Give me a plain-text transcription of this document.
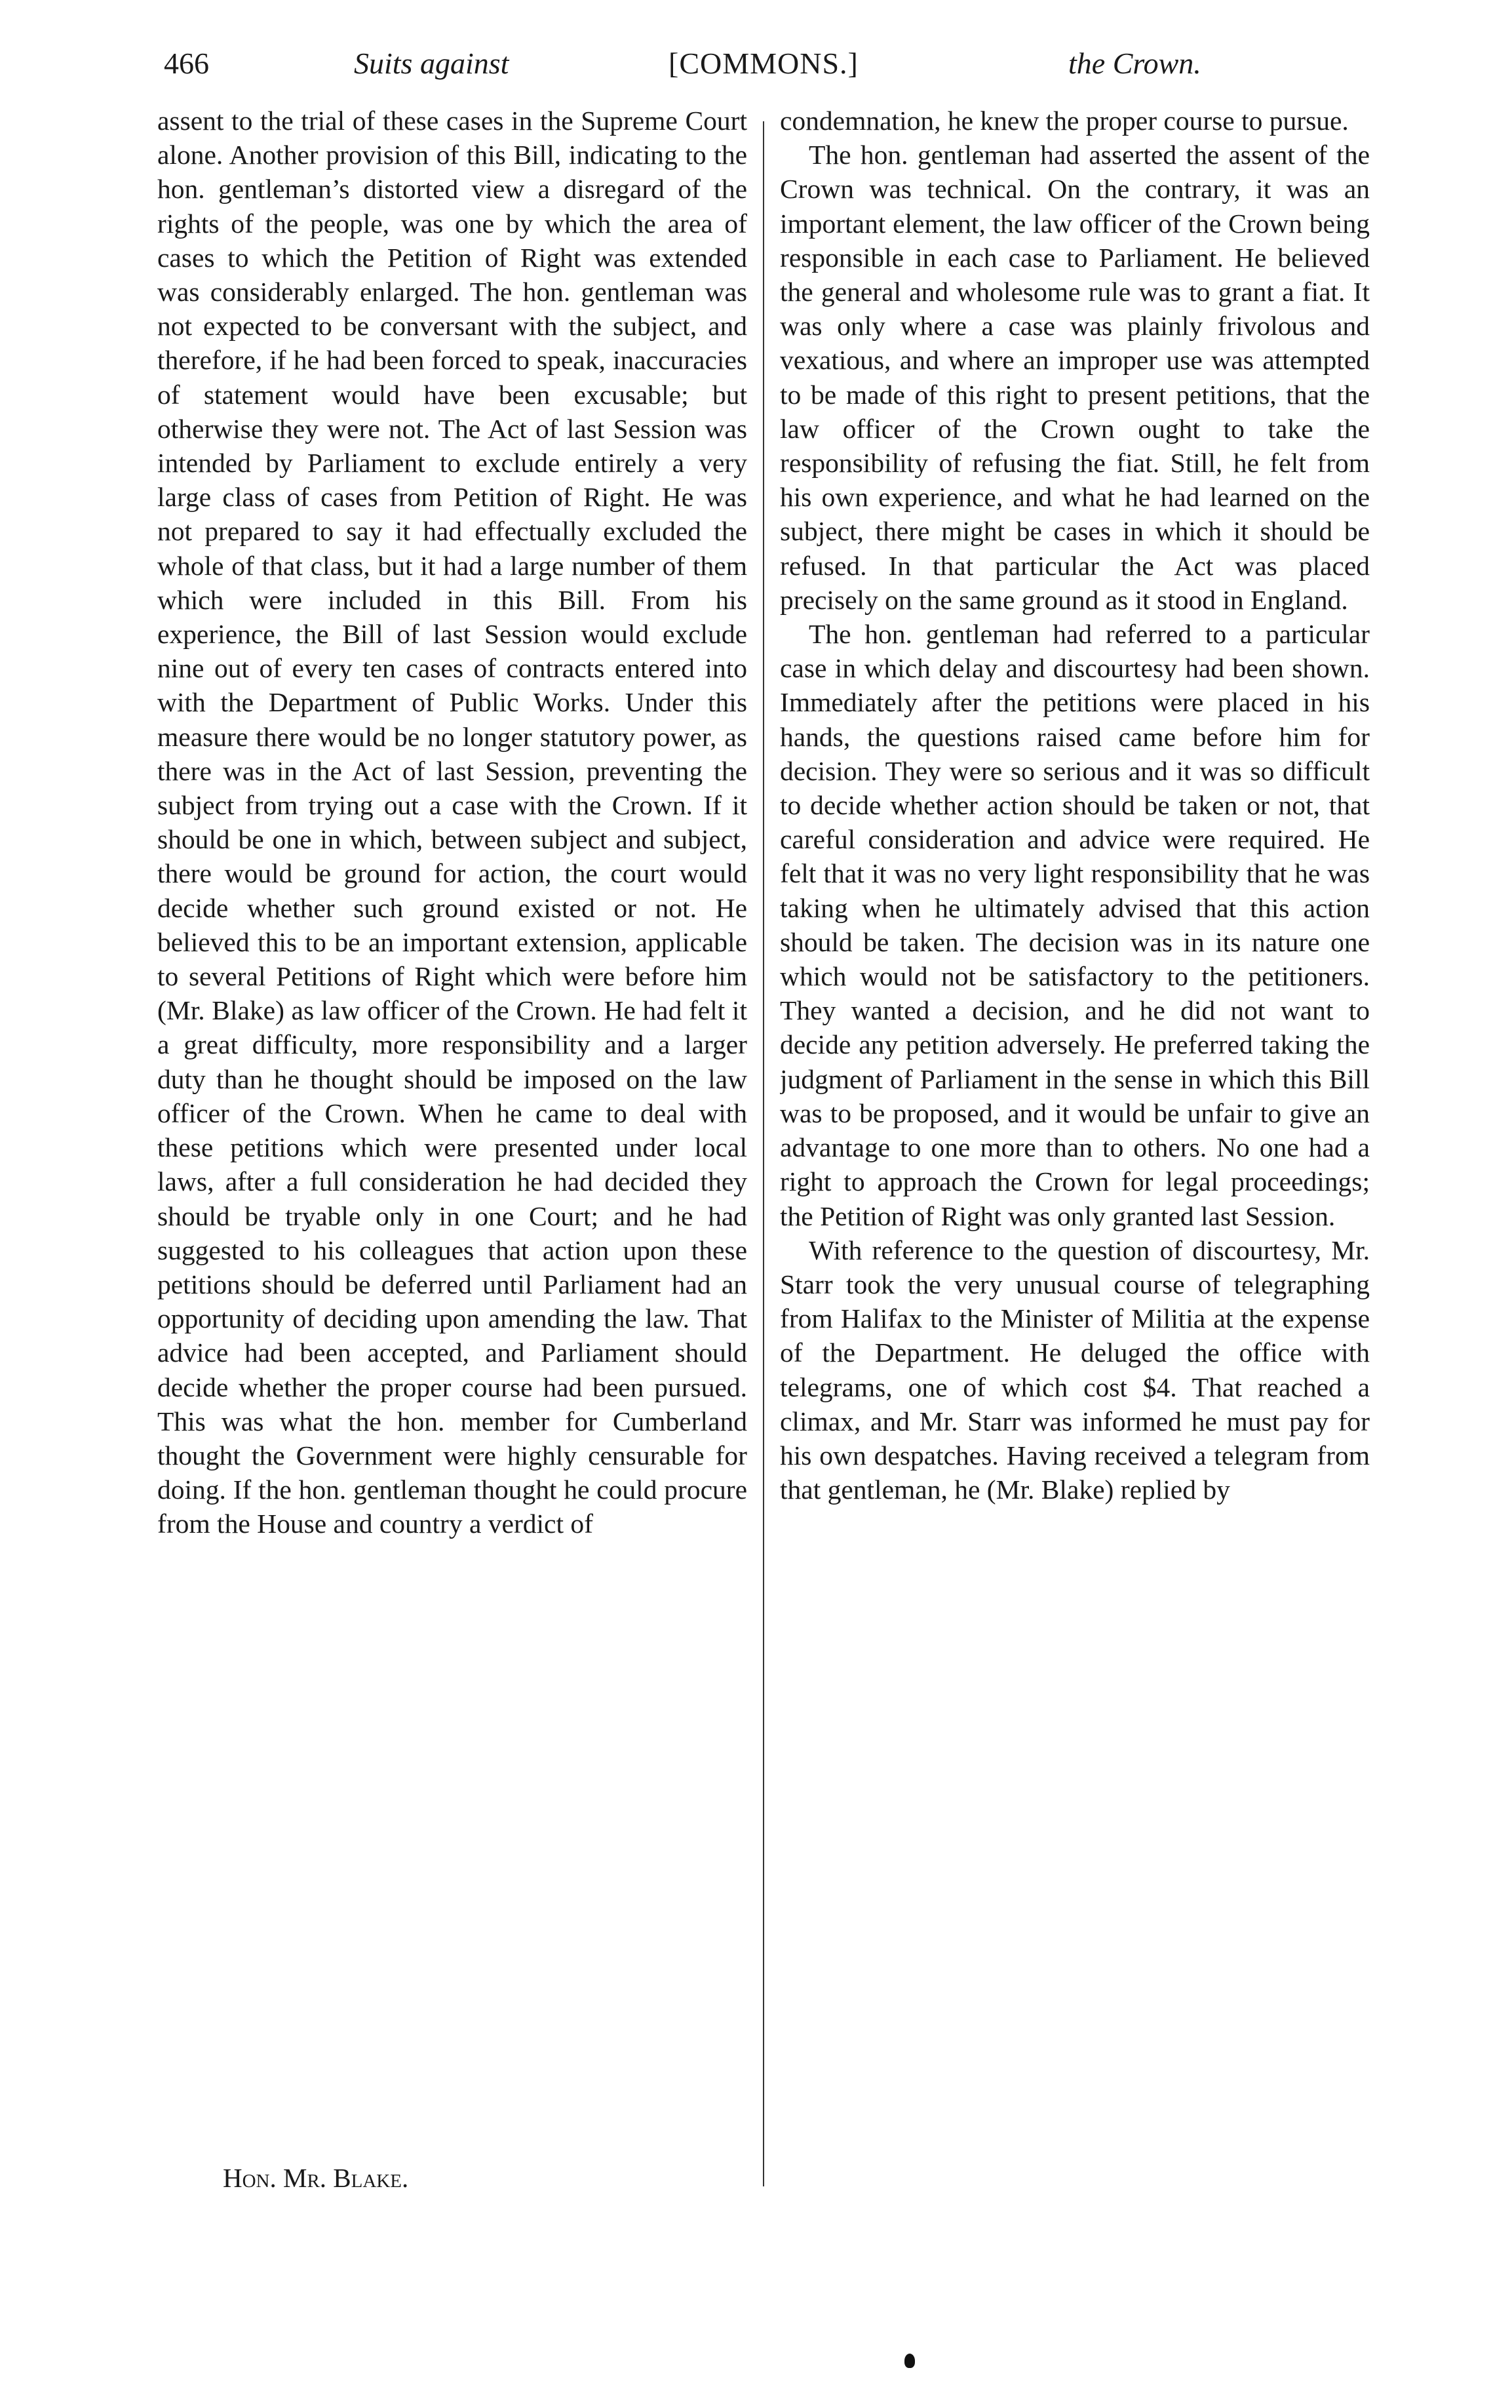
466	Suits against	[COMMONS.]	the Crown.

assent to the trial of these cases in the Supreme Court alone. Another provision of this Bill, indicating to the hon. gentleman’s distorted view a disregard of the rights of the people, was one by which the area of cases to which the Petition of Right was extended was considerably enlarged. The hon. gentleman was not expected to be conversant with the subject, and therefore, if he had been forced to speak, inaccuracies of statement would have been excusable; but otherwise they were not. The Act of last Session was intended by Parliament to exclude entirely a very large class of cases from Petition of Right. He was not prepared to say it had effectually excluded the whole of that class, but it had a large number of them which were included in this Bill. From his experience, the Bill of last Session would exclude nine out of every ten cases of contracts entered into with the Department of Public Works. Under this measure there would be no longer statutory power, as there was in the Act of last Session, preventing the subject from trying out a case with the Crown. If it should be one in which, between subject and subject, there would be ground for action, the court would decide whether such ground existed or not. He believed this to be an important extension, applicable to several Petitions of Right which were before him (Mr. Blake) as law officer of the Crown. He had felt it a great difficulty, more responsibility and a larger duty than he thought should be imposed on the law officer of the Crown. When he came to deal with these petitions which were presented under local laws, after a full consideration he had decided they should be tryable only in one Court; and he had suggested to his colleagues that action upon these petitions should be deferred until Parliament had an opportunity of deciding upon amending the law. That advice had been accepted, and Parliament should decide whether the proper course had been pursued. This was what the hon. member for Cumberland thought the Government were highly censurable for doing. If the hon. gentleman thought he could procure from the House and country a verdict of

condemnation, he knew the proper course to pursue.

The hon. gentleman had asserted the assent of the Crown was technical. On the contrary, it was an important element, the law officer of the Crown being responsible in each case to Parliament. He believed the general and wholesome rule was to grant a fiat. It was only where a case was plainly frivolous and vexatious, and where an improper use was attempted to be made of this right to present petitions, that the law officer of the Crown ought to take the responsibility of refusing the fiat. Still, he felt from his own experience, and what he had learned on the subject, there might be cases in which it should be refused. In that particular the Act was placed precisely on the same ground as it stood in England.

The hon. gentleman had referred to a particular case in which delay and discourtesy had been shown. Immediately after the petitions were placed in his hands, the questions raised came before him for decision. They were so serious and it was so difficult to decide whether action should be taken or not, that careful consideration and advice were required. He felt that it was no very light responsibility that he was taking when he ultimately advised that this action should be taken. The decision was in its nature one which would not be satisfactory to the petitioners. They wanted a decision, and he did not want to decide any petition adversely. He preferred taking the judgment of Parliament in the sense in which this Bill was to be proposed, and it would be unfair to give an advantage to one more than to others. No one had a right to approach the Crown for legal proceedings; the Petition of Right was only granted last Session.

With reference to the question of discourtesy, Mr. Starr took the very unusual course of telegraphing from Halifax to the Minister of Militia at the expense of the Department. He deluged the office with telegrams, one of which cost $4. That reached a climax, and Mr. Starr was informed he must pay for his own despatches. Having received a telegram from that gentleman, he (Mr. Blake) replied by

Hon. Mr. Blake.
